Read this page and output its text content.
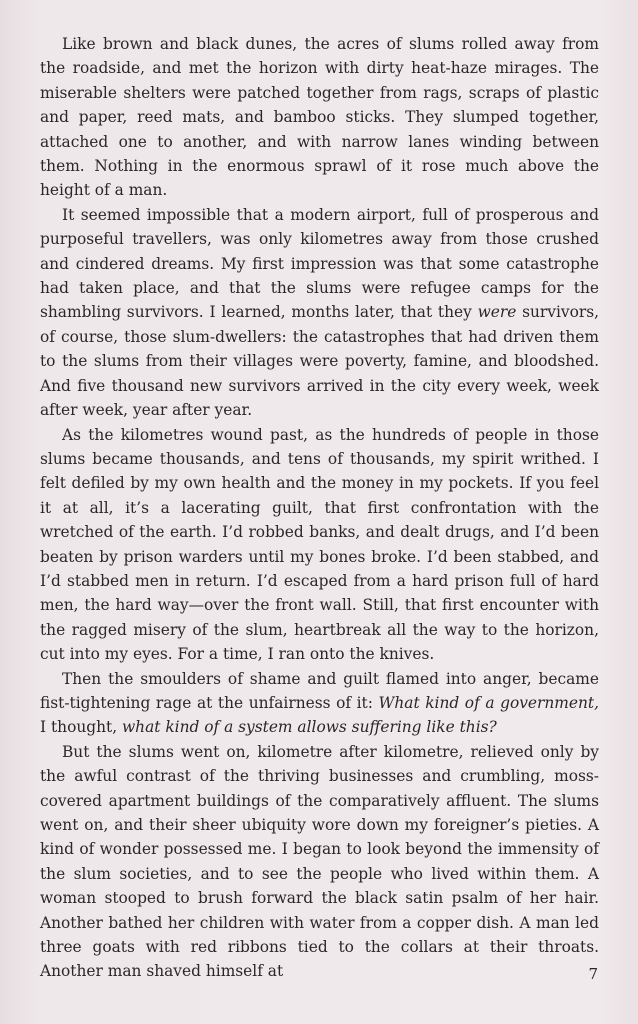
Like brown and black dunes, the acres of slums rolled away from the roadside, and met the horizon with dirty heat-haze mirages. The miserable shelters were patched together from rags, scraps of plastic and paper, reed mats, and bamboo sticks. They slumped together, attached one to another, and with narrow lanes winding between them. Nothing in the enormous sprawl of it rose much above the height of a man.

It seemed impossible that a modern airport, full of prosperous and purposeful travellers, was only kilometres away from those crushed and cindered dreams. My first impression was that some catastrophe had taken place, and that the slums were refugee camps for the shambling survivors. I learned, months later, that they were survivors, of course, those slum-dwellers: the catastrophes that had driven them to the slums from their villages were poverty, famine, and bloodshed. And five thousand new survivors arrived in the city every week, week after week, year after year.

As the kilometres wound past, as the hundreds of people in those slums became thousands, and tens of thousands, my spirit writhed. I felt defiled by my own health and the money in my pockets. If you feel it at all, it’s a lacerating guilt, that first confrontation with the wretched of the earth. I’d robbed banks, and dealt drugs, and I’d been beaten by prison warders until my bones broke. I’d been stabbed, and I’d stabbed men in return. I’d escaped from a hard prison full of hard men, the hard way—over the front wall. Still, that first encounter with the ragged misery of the slum, heartbreak all the way to the horizon, cut into my eyes. For a time, I ran onto the knives.

Then the smoulders of shame and guilt flamed into anger, became fist-tightening rage at the unfairness of it: What kind of a government, I thought, what kind of a system allows suffering like this?

But the slums went on, kilometre after kilometre, relieved only by the awful contrast of the thriving businesses and crumbling, moss-covered apartment buildings of the comparatively affluent. The slums went on, and their sheer ubiquity wore down my foreigner’s pieties. A kind of wonder possessed me. I began to look beyond the immensity of the slum societies, and to see the people who lived within them. A woman stooped to brush forward the black satin psalm of her hair. Another bathed her children with water from a copper dish. A man led three goats with red ribbons tied to the collars at their throats. Another man shaved himself at	7
